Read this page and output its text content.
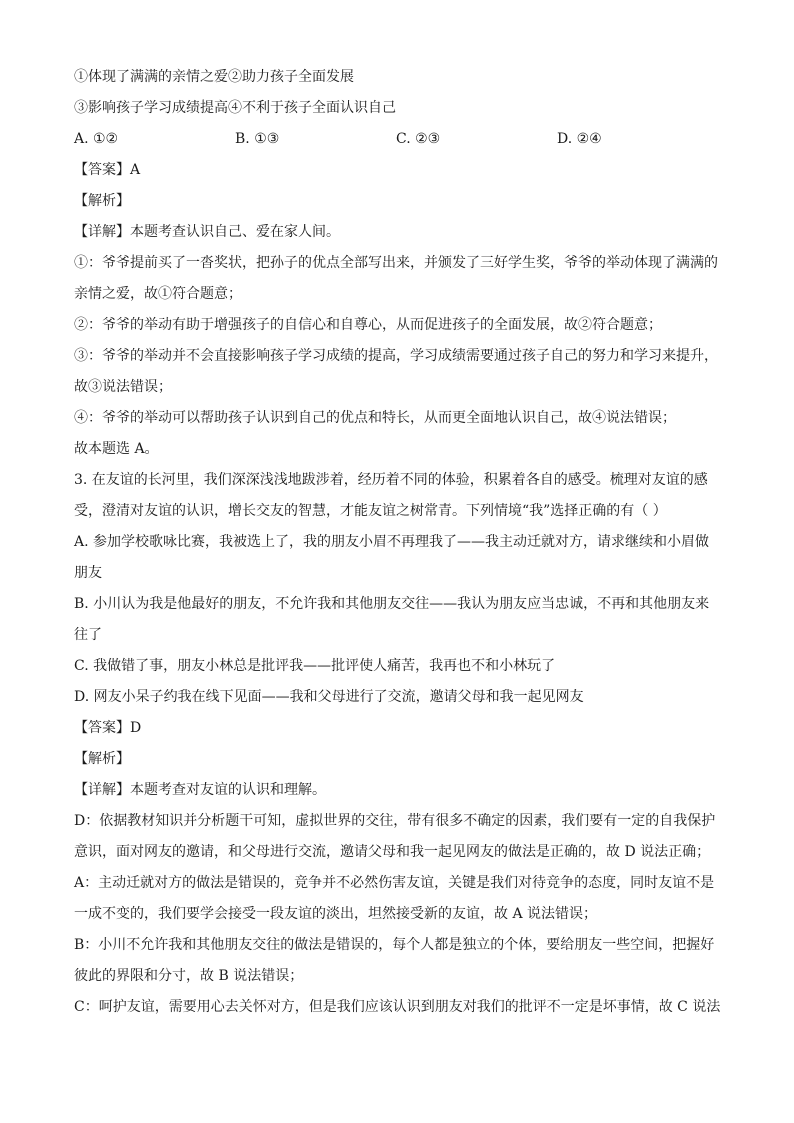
①体现了满满的亲情之爱②助力孩子全面发展
③影响孩子学习成绩提高④不利于孩子全面认识自己
A. ①②	B. ①③	C. ②③	D. ②④
【答案】A
【解析】
【详解】本题考查认识自己、爱在家人间。
①：爷爷提前买了一沓奖状，把孙子的优点全部写出来，并颁发了三好学生奖，爷爷的举动体现了满满的
亲情之爱，故①符合题意；
②：爷爷的举动有助于增强孩子的自信心和自尊心，从而促进孩子的全面发展，故②符合题意；
③：爷爷的举动并不会直接影响孩子学习成绩的提高，学习成绩需要通过孩子自己的努力和学习来提升，
故③说法错误；
④：爷爷的举动可以帮助孩子认识到自己的优点和特长，从而更全面地认识自己，故④说法错误；
故本题选 A。
3. 在友谊的长河里，我们深深浅浅地跋涉着，经历着不同的体验，积累着各自的感受。梳理对友谊的感
受，澄清对友谊的认识，增长交友的智慧，才能友谊之树常青。下列情境“我”选择正确的有（ ）
A. 参加学校歌咏比赛，我被选上了，我的朋友小眉不再理我了——我主动迁就对方，请求继续和小眉做
朋友
B. 小川认为我是他最好的朋友，不允许我和其他朋友交往——我认为朋友应当忠诚，不再和其他朋友来
往了
C. 我做错了事，朋友小林总是批评我——批评使人痛苦，我再也不和小林玩了
D. 网友小呆子约我在线下见面——我和父母进行了交流，邀请父母和我一起见网友
【答案】D
【解析】
【详解】本题考查对友谊的认识和理解。
D：依据教材知识并分析题干可知，虚拟世界的交往，带有很多不确定的因素，我们要有一定的自我保护
意识，面对网友的邀请，和父母进行交流，邀请父母和我一起见网友的做法是正确的，故 D 说法正确；
A：主动迁就对方的做法是错误的，竞争并不必然伤害友谊，关键是我们对待竞争的态度，同时友谊不是
一成不变的，我们要学会接受一段友谊的淡出，坦然接受新的友谊，故 A 说法错误；
B：小川不允许我和其他朋友交往的做法是错误的，每个人都是独立的个体，要给朋友一些空间，把握好
彼此的界限和分寸，故 B 说法错误；
C：呵护友谊，需要用心去关怀对方，但是我们应该认识到朋友对我们的批评不一定是坏事情，故 C 说法
